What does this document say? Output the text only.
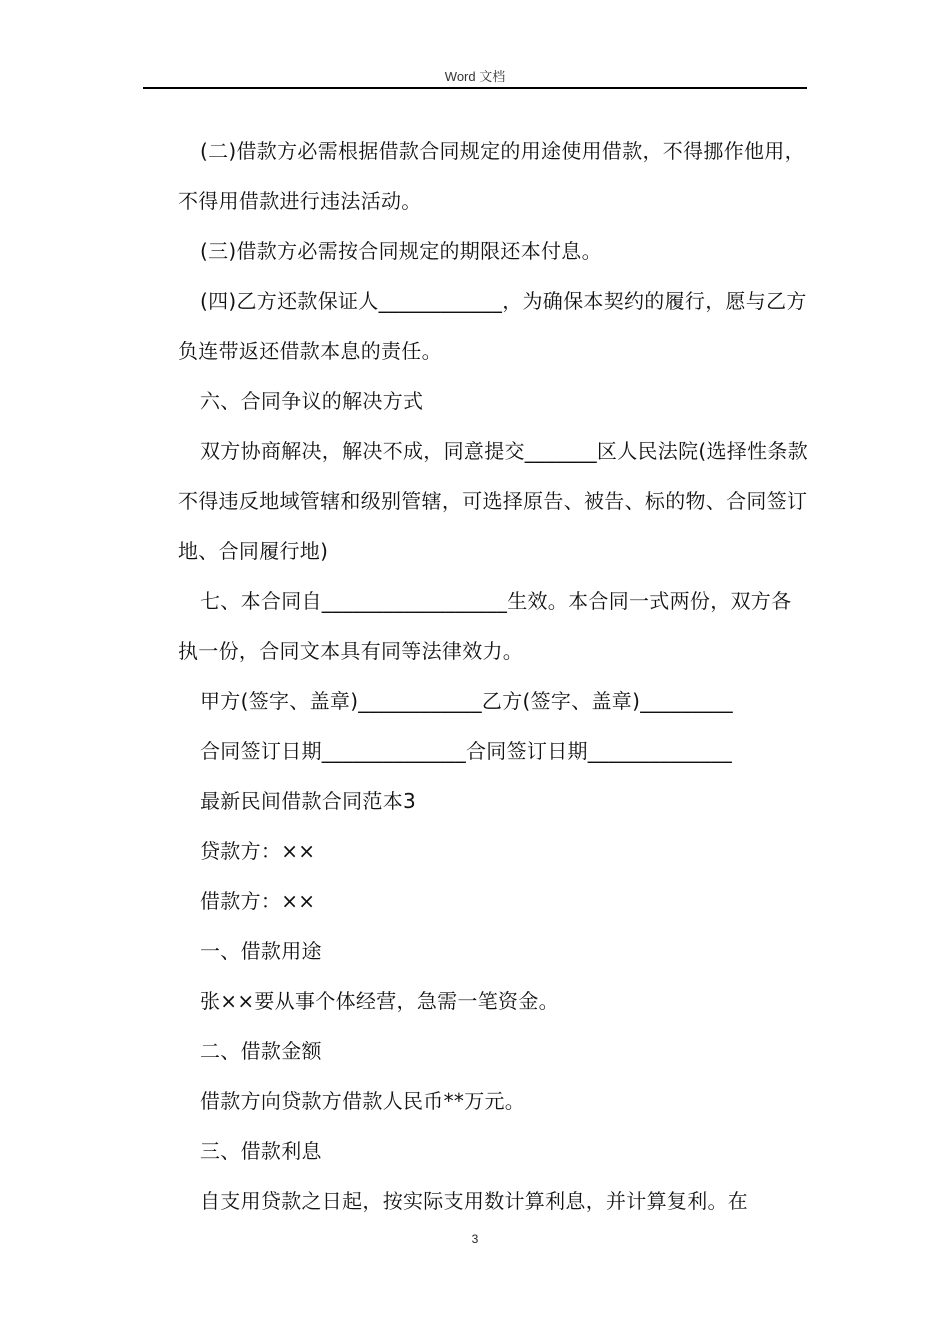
Word 文档

(二)借款方必需根据借款合同规定的用途使用借款，不得挪作他用，不得用借款进行违法活动。

(三)借款方必需按合同规定的期限还本付息。

(四)乙方还款保证人____________，为确保本契约的履行，愿与乙方负连带返还借款本息的责任。

六、合同争议的解决方式

双方协商解决，解决不成，同意提交_______区人民法院(选择性条款不得违反地域管辖和级别管辖，可选择原告、被告、标的物、合同签订地、合同履行地)

七、本合同自__________________生效。本合同一式两份，双方各执一份，合同文本具有同等法律效力。

甲方(签字、盖章)____________乙方(签字、盖章)_________

合同签订日期______________合同签订日期______________

最新民间借款合同范本3

贷款方：××

借款方：××

一、借款用途

张××要从事个体经营，急需一笔资金。

二、借款金额

借款方向贷款方借款人民币**万元。

三、借款利息

自支用贷款之日起，按实际支用数计算利息，并计算复利。在

3
